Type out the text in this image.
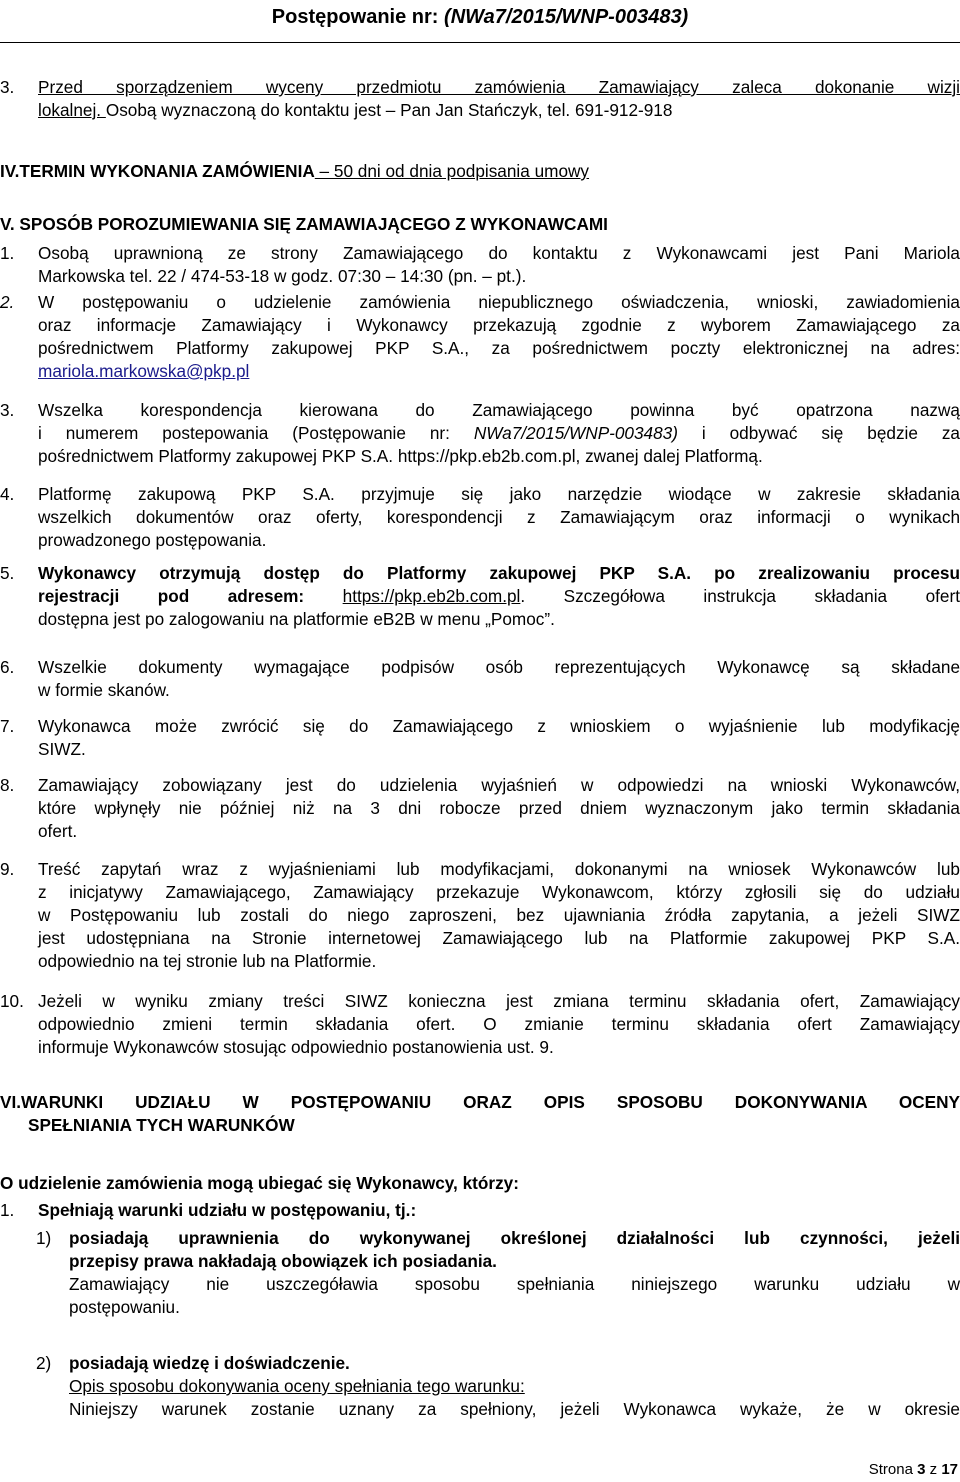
Postępowanie nr: (NWa7/2015/WNP-003483)
3. Przed sporządzeniem wyceny przedmiotu zamówienia Zamawiający zaleca dokonanie wizji
lokalnej. Osobą wyznaczoną do kontaktu jest – Pan Jan Stańczyk, tel. 691-912-918
IV.TERMIN WYKONANIA ZAMÓWIENIA – 50 dni od dnia podpisania umowy
V. SPOSÓB POROZUMIEWANIA SIĘ ZAMAWIAJĄCEGO Z WYKONAWCAMI
1. Osobą uprawnioną ze strony Zamawiającego do kontaktu z Wykonawcami jest Pani Mariola
Markowska tel. 22 / 474-53-18 w godz. 07:30 – 14:30 (pn. – pt.).
2. W postępowaniu o udzielenie zamówienia niepublicznego oświadczenia, wnioski, zawiadomienia
oraz informacje Zamawiający i Wykonawcy przekazują zgodnie z wyborem Zamawiającego za
pośrednictwem Platformy zakupowej PKP S.A., za pośrednictwem poczty elektronicznej na adres:
mariola.markowska@pkp.pl
3. Wszelka korespondencja kierowana do Zamawiającego powinna być opatrzona nazwą
i numerem postepowania (Postępowanie nr: NWa7/2015/WNP-003483) i odbywać się będzie za
pośrednictwem Platformy zakupowej PKP S.A. https://pkp.eb2b.com.pl, zwanej dalej Platformą.
4. Platformę zakupową PKP S.A. przyjmuje się jako narzędzie wiodące w zakresie składania
wszelkich dokumentów oraz oferty, korespondencji z Zamawiającym oraz informacji o wynikach
prowadzonego postępowania.
5. Wykonawcy otrzymują dostęp do Platformy zakupowej PKP S.A. po zrealizowaniu procesu
rejestracji pod adresem: https://pkp.eb2b.com.pl. Szczegółowa instrukcja składania ofert
dostępna jest po zalogowaniu na platformie eB2B w menu „Pomoc”.
6. Wszelkie dokumenty wymagające podpisów osób reprezentujących Wykonawcę są składane
w formie skanów.
7. Wykonawca może zwrócić się do Zamawiającego z wnioskiem o wyjaśnienie lub modyfikację
SIWZ.
8. Zamawiający zobowiązany jest do udzielenia wyjaśnień w odpowiedzi na wnioski Wykonawców,
które wpłynęły nie później niż na 3 dni robocze przed dniem wyznaczonym jako termin składania
ofert.
9. Treść zapytań wraz z wyjaśnieniami lub modyfikacjami, dokonanymi na wniosek Wykonawców lub
z inicjatywy Zamawiającego, Zamawiający przekazuje Wykonawcom, którzy zgłosili się do udziału
w Postępowaniu lub zostali do niego zaproszeni, bez ujawniania źródła zapytania, a jeżeli SIWZ
jest udostępniana na Stronie internetowej Zamawiającego lub na Platformie zakupowej PKP S.A.
odpowiednio na tej stronie lub na Platformie.
10. Jeżeli w wyniku zmiany treści SIWZ konieczna jest zmiana terminu składania ofert, Zamawiający
odpowiednio zmieni termin składania ofert. O zmianie terminu składania ofert Zamawiający
informuje Wykonawców stosując odpowiednio postanowienia ust. 9.
VI.WARUNKI UDZIAŁU W POSTĘPOWANIU ORAZ OPIS SPOSOBU DOKONYWANIA OCENY
SPEŁNIANIA TYCH WARUNKÓW
O udzielenie zamówienia mogą ubiegać się Wykonawcy, którzy:
1. Spełniają warunki udziału w postępowaniu, tj.:
1) posiadają uprawnienia do wykonywanej określonej działalności lub czynności, jeżeli
przepisy prawa nakładają obowiązek ich posiadania.
Zamawiający nie uszczegóławia sposobu spełniania niniejszego warunku udziału w
postępowaniu.
2) posiadają wiedzę i doświadczenie.
Opis sposobu dokonywania oceny spełniania tego warunku:
Niniejszy warunek zostanie uznany za spełniony, jeżeli Wykonawca wykaże, że w okresie
Strona 3 z 17
